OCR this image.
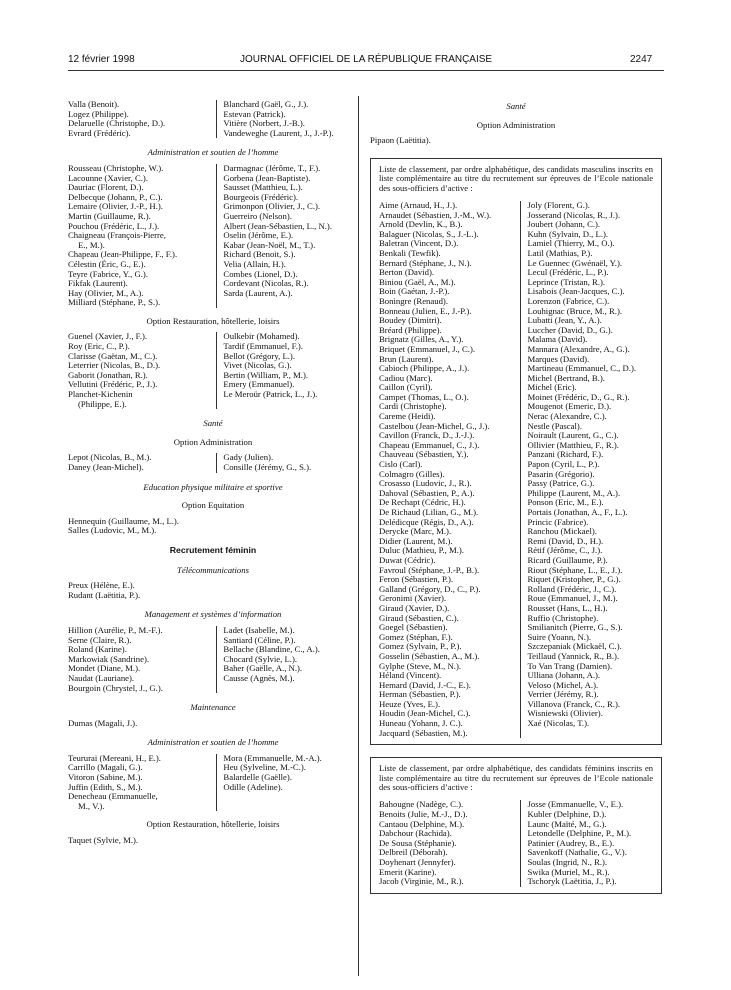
12 février 1998	JOURNAL OFFICIEL DE LA RÉPUBLIQUE FRANÇAISE	2247
Valla (Benoit).
Logez (Philippe).
Delaruelle (Christophe, D.).
Evrard (Frédéric).
Blanchard (Gaël, G., J.).
Estevan (Patrick).
Vitière (Norbert, J.-B.).
Vandeweghe (Laurent, J., J.-P.).
Administration et soutien de l’homme
Rousseau (Christophe, W.).
Lacounne (Xavier, C.).
Dauriac (Florent, D.).
Delbecque (Johann, P., C.).
Lemaire (Olivier, J.-P., H.).
Martin (Guillaume, R.).
Pouchou (Frédéric, L., J.).
Chaigneau (François-Pierre,
E., M.).
Chapeau (Jean-Philippe, F., F.).
Célestin (Éric, G., E.).
Teyre (Fabrice, Y., G.).
Fikfak (Laurent).
Hay (Olivier, M., A.).
Milliard (Stéphane, P., S.).
Darmagnac (Jérôme, T., F.).
Gorbena (Jean-Baptiste).
Sausset (Matthieu, L.).
Bourgeois (Frédéric).
Grimonpon (Olivier, J., C.).
Guerreiro (Nelson).
Albert (Jean-Sébastien, L., N.).
Oselin (Jérôme, E.).
Kabar (Jean-Noël, M., T.).
Richard (Benoit, S.).
Velia (Allain, H.).
Combes (Lionel, D.).
Cordevant (Nicolas, R.).
Sarda (Laurent, A.).
Option Restauration, hôtellerie, loisirs
Guenel (Xavier, J., F.).
Roy (Eric, C., P.).
Clarisse (Gaëtan, M., C.).
Leterrier (Nicolas, B., D.).
Gaborit (Jonathan, R.).
Vellutini (Frédéric, P., J.).
Planchet-Kichenin
(Philippe, E.).
Oulkebir (Mohamed).
Tardif (Emmanuel, F.).
Bellot (Grégory, L.).
Vivet (Nicolas, G.).
Bertin (William, P., M.).
Emery (Emmanuel).
Le Meroür (Patrick, L., J.).
Santé
Option Administration
Lepot (Nicolas, B., M.).
Daney (Jean-Michel).
Gady (Julien).
Consille (Jérémy, G., S.).
Education physique militaire et sportive
Option Equitation
Hennequin (Guillaume, M., L.).
Salles (Ludovic, M., M.).
Recrutement féminin
Télécommunications
Preux (Hélène, E.).
Rudant (Laëtitia, P.).
Management et systèmes d’information
Hillion (Aurélie, P., M.-F.).
Serne (Claire, R.).
Roland (Karine).
Markowiak (Sandrine).
Mondet (Diane, M.).
Naudat (Lauriane).
Bourgoin (Chrystel, J., G.).
Ladet (Isabelle, M.).
Santiard (Céline, P.).
Bellache (Blandine, C., A.).
Chocard (Sylvie, L.).
Baher (Gaëlle, A., N.).
Causse (Agnès, M.).
Maintenance
Dumas (Magali, J.).
Administration et soutien de l’homme
Teururai (Mereani, H., E.).
Carrillo (Magali, G.).
Vitoron (Sabine, M.).
Juffin (Edith, S., M.).
Denecheau (Emmanuelle,
M., V.).
Mora (Emmanuelle, M.-A.).
Heu (Sylveline, M.-C.).
Balardelle (Gaëlle).
Odille (Adeline).
Option Restauration, hôtellerie, loisirs
Taquet (Sylvie, M.).
Santé
Option Administration
Pipaon (Laëtitia).
Liste de classement, par ordre alphabétique, des candidats masculins inscrits en liste complémentaire au titre du recrutement sur épreuves de l’Ecole nationale des sous-officiers d’active :
Aime (Arnaud, H., J.).
Arnaudet (Sébastien, J.-M., W.).
Arnold (Devlin, K., B.).
Balaguer (Nicolas, S., J.-L.).
Baletran (Vincent, D.).
Benkali (Tewfik).
Bernard (Stéphane, J., N.).
Berton (David).
Biniou (Gaël, A., M.).
Boin (Gaétan, J.-P.).
Boningre (Renaud).
Bonneau (Julien, E., J.-P.).
Boudey (Dimitri).
Bréard (Philippe).
Brignatz (Gilles, A., Y.).
Briquet (Emmanuel, J., C.).
Brun (Laurent).
Cabioch (Philippe, A., J.).
Cadiou (Marc).
Caillon (Cyril).
Campet (Thomas, L., O.).
Cardi (Christophe).
Careme (Heidi).
Castelbou (Jean-Michel, G., J.).
Cavillon (Franck, D., J.-J.).
Chapeau (Emmanuel, C., J.).
Chauveau (Sébastien, Y.).
Cislo (Carl).
Colmagro (Gilles).
Crosasso (Ludovic, J., R.).
Dahoval (Sébastien, P., A.).
De Rechapt (Cédric, H.).
De Richaud (Lilian, G., M.).
Delédicque (Régis, D., A.).
Derycke (Marc, M.).
Didier (Laurent, M.).
Duluc (Mathieu, P., M.).
Duwat (Cédric).
Favroul (Stéphane, J.-P., B.).
Feron (Sébastien, P.).
Galland (Grégory, D., C., P.).
Geronimi (Xavier).
Giraud (Xavier, D.).
Giraud (Sébastien, C.).
Goegel (Sébastien).
Gomez (Stéphan, F.).
Gomez (Sylvain, P., P.).
Gosselin (Sébastien, A., M.).
Gylphe (Steve, M., N.).
Héland (Vincent).
Hemard (David, J.-C., E.).
Herman (Sébastien, P.).
Heuze (Yves, E.).
Houdin (Jean-Michel, C.).
Huneau (Yohann, J. C.).
Jacquard (Sébastien, M.).
Joly (Florent, G.).
Josserand (Nicolas, R., J.).
Joubert (Johann, C.).
Kuhn (Sylvain, D., L.).
Lamiel (Thierry, M., O.).
Latil (Mathias, P.).
Le Guennec (Gwénaël, Y.).
Lecul (Frédéric, L., P.).
Leprince (Tristan, R.).
Lisabois (Jean-Jacques, C.).
Lorenzon (Fabrice, C.).
Louhignac (Bruce, M., R.).
Lubatti (Jean, Y., A.).
Luccher (David, D., G.).
Malama (David).
Mannara (Alexandre, A., G.).
Marques (David).
Martineau (Emmanuel, C., D.).
Michel (Bertrand, B.).
Michel (Eric).
Moinet (Frédéric, D., G., R.).
Mougenot (Emeric, D.).
Nerac (Alexandre, C.).
Nestle (Pascal).
Noirault (Laurent, G., C.).
Ollivier (Matthieu, F., R.).
Panzani (Richard, F.).
Papon (Cyril, L., P.).
Pasarin (Grégorio).
Passy (Patrice, G.).
Philippe (Laurent, M., A.).
Ponson (Eric, M., E.).
Portais (Jonathan, A., F., L.).
Princic (Fabrice).
Ranchou (Mickael).
Remi (David, D., H.).
Rétif (Jérôme, C., J.).
Ricard (Guillaume, P.).
Riout (Stéphane, L., E., J.).
Riquet (Kristopher, P., G.).
Rolland (Frédéric, J., C.).
Roue (Emmanuel, J., M.).
Rousset (Hans, L., H.).
Ruffio (Christophe).
Smilianitch (Pierre, G., S.).
Suire (Yoann, N.).
Szczepaniak (Mickaël, C.).
Teillaud (Yannick, R., B.).
To Van Trang (Damien).
Ulliana (Johann, A.).
Veloso (Michel, A.).
Verrier (Jérémy, R.).
Villanova (Franck, C., R.).
Wisniewski (Olivier).
Xaé (Nicolas, T.).
Liste de classement, par ordre alphabétique, des candidats féminins inscrits en liste complémentaire au titre du recrutement sur épreuves de l’Ecole nationale des sous-officiers d’active :
Bahougne (Nadège, C.).
Benoits (Julie, M.-J., D.).
Cantaou (Delphine, M.).
Dabchour (Rachida).
De Sousa (Stéphanie).
Delbreil (Déborah).
Doyhenart (Jennyfer).
Emerit (Karine).
Jacob (Virginie, M., R.).
Josse (Emmanuelle, V., E.).
Kubler (Delphine, D.).
Launc (Maïté, M., G.).
Letondelle (Delphine, P., M.).
Patinier (Audrey, B., E.).
Savenkoff (Nathalie, G., V.).
Soulas (Ingrid, N., R.).
Swika (Muriel, M., R.).
Tschoryk (Laëtitia, J., P.).
